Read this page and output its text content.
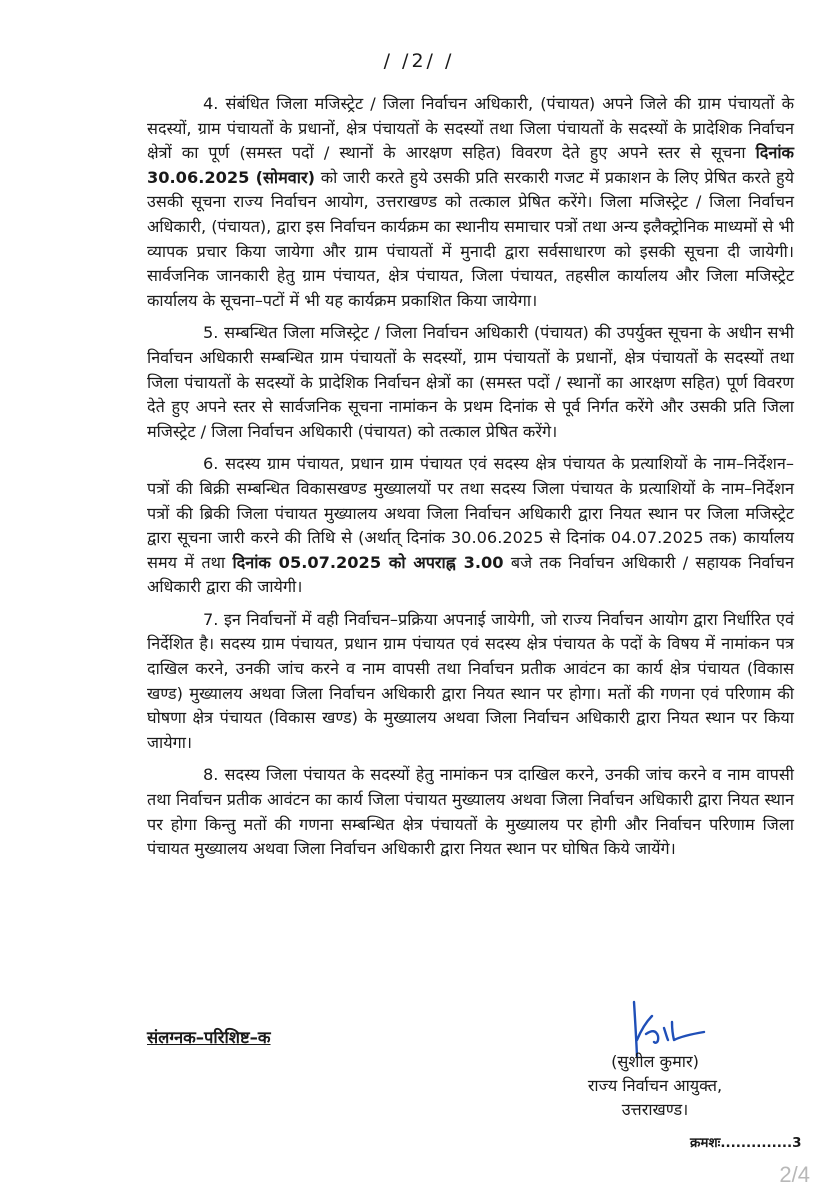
/ /2/ /

4. संबंधित जिला मजिस्ट्रेट / जिला निर्वाचन अधिकारी, (पंचायत) अपने जिले की ग्राम पंचायतों के सदस्यों, ग्राम पंचायतों के प्रधानों, क्षेत्र पंचायतों के सदस्यों तथा जिला पंचायतों के सदस्यों के प्रादेशिक निर्वाचन क्षेत्रों का पूर्ण (समस्त पदों / स्थानों के आरक्षण सहित) विवरण देते हुए अपने स्तर से सूचना दिनांक 30.06.2025 (सोमवार) को जारी करते हुये उसकी प्रति सरकारी गजट में प्रकाशन के लिए प्रेषित करते हुये उसकी सूचना राज्य निर्वाचन आयोग, उत्तराखण्ड को तत्काल प्रेषित करेंगे। जिला मजिस्ट्रेट / जिला निर्वाचन अधिकारी, (पंचायत), द्वारा इस निर्वाचन कार्यक्रम का स्थानीय समाचार पत्रों तथा अन्य इलैक्ट्रोनिक माध्यमों से भी व्यापक प्रचार किया जायेगा और ग्राम पंचायतों में मुनादी द्वारा सर्वसाधारण को इसकी सूचना दी जायेगी। सार्वजनिक जानकारी हेतु ग्राम पंचायत, क्षेत्र पंचायत, जिला पंचायत, तहसील कार्यालय और जिला मजिस्ट्रेट कार्यालय के सूचना–पटों में भी यह कार्यक्रम प्रकाशित किया जायेगा।

5. सम्बन्धित जिला मजिस्ट्रेट / जिला निर्वाचन अधिकारी (पंचायत) की उपर्युक्त सूचना के अधीन सभी निर्वाचन अधिकारी सम्बन्धित ग्राम पंचायतों के सदस्यों, ग्राम पंचायतों के प्रधानों, क्षेत्र पंचायतों के सदस्यों तथा जिला पंचायतों के सदस्यों के प्रादेशिक निर्वाचन क्षेत्रों का (समस्त पदों / स्थानों का आरक्षण सहित) पूर्ण विवरण देते हुए अपने स्तर से सार्वजनिक सूचना नामांकन के प्रथम दिनांक से पूर्व निर्गत करेंगे और उसकी प्रति जिला मजिस्ट्रेट / जिला निर्वाचन अधिकारी (पंचायत) को तत्काल प्रेषित करेंगे।

6. सदस्य ग्राम पंचायत, प्रधान ग्राम पंचायत एवं सदस्य क्षेत्र पंचायत के प्रत्याशियों के नाम–निर्देशन–पत्रों की बिक्री सम्बन्धित विकासखण्ड मुख्यालयों पर तथा सदस्य जिला पंचायत के प्रत्याशियों के नाम–निर्देशन पत्रों की ब्रिकी जिला पंचायत मुख्यालय अथवा जिला निर्वाचन अधिकारी द्वारा नियत स्थान पर जिला मजिस्ट्रेट द्वारा सूचना जारी करने की तिथि से (अर्थात् दिनांक 30.06.2025 से दिनांक 04.07.2025 तक) कार्यालय समय में तथा दिनांक 05.07.2025 को अपराह्न 3.00 बजे तक निर्वाचन अधिकारी / सहायक निर्वाचन अधिकारी द्वारा की जायेगी।

7. इन निर्वाचनों में वही निर्वाचन–प्रक्रिया अपनाई जायेगी, जो राज्य निर्वाचन आयोग द्वारा निर्धारित एवं निर्देशित है। सदस्य ग्राम पंचायत, प्रधान ग्राम पंचायत एवं सदस्य क्षेत्र पंचायत के पदों के विषय में नामांकन पत्र दाखिल करने, उनकी जांच करने व नाम वापसी तथा निर्वाचन प्रतीक आवंटन का कार्य क्षेत्र पंचायत (विकास खण्ड) मुख्यालय अथवा जिला निर्वाचन अधिकारी द्वारा नियत स्थान पर होगा। मतों की गणना एवं परिणाम की घोषणा क्षेत्र पंचायत (विकास खण्ड) के मुख्यालय अथवा जिला निर्वाचन अधिकारी द्वारा नियत स्थान पर किया जायेगा।

8. सदस्य जिला पंचायत के सदस्यों हेतु नामांकन पत्र दाखिल करने, उनकी जांच करने व नाम वापसी तथा निर्वाचन प्रतीक आवंटन का कार्य जिला पंचायत मुख्यालय अथवा जिला निर्वाचन अधिकारी द्वारा नियत स्थान पर होगा किन्तु मतों की गणना सम्बन्धित क्षेत्र पंचायतों के मुख्यालय पर होगी और निर्वाचन परिणाम जिला पंचायत मुख्यालय अथवा जिला निर्वाचन अधिकारी द्वारा नियत स्थान पर घोषित किये जायेंगे।

संलग्नक–परिशिष्ट–क
(सुशील कुमार)
राज्य निर्वाचन आयुक्त,
उत्तराखण्ड।
क्रमशः..............3
2/4
